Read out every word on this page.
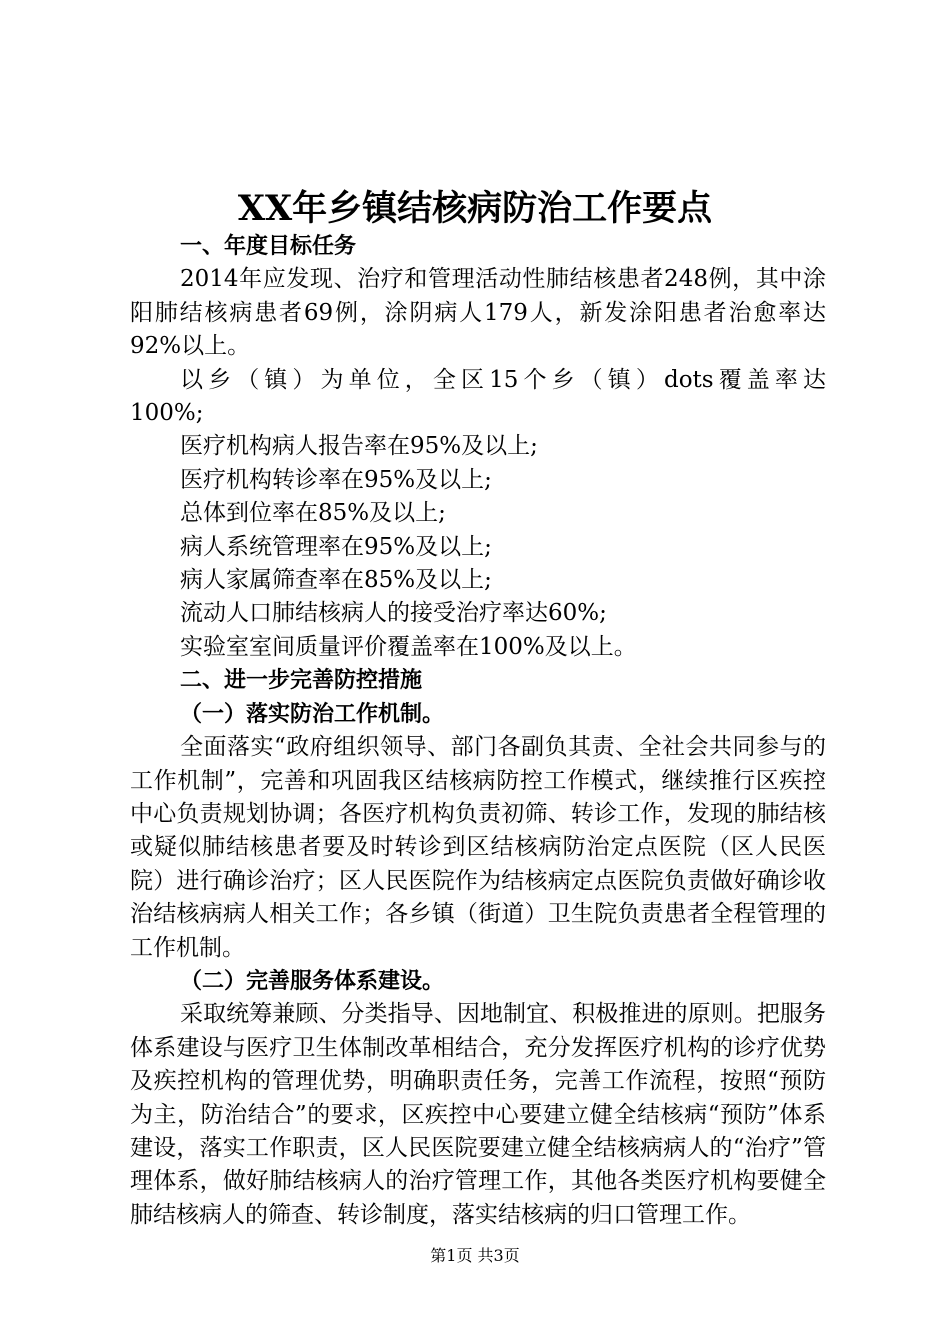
XX年乡镇结核病防治工作要点

一、年度目标任务

2014年应发现、治疗和管理活动性肺结核患者248例，其中涂阳肺结核病患者69例，涂阴病人179人，新发涂阳患者治愈率达92%以上。

以乡（镇）为单位，全区15个乡（镇）dots覆盖率达

100%;

医疗机构病人报告率在95%及以上;

医疗机构转诊率在95%及以上;

总体到位率在85%及以上;

病人系统管理率在95%及以上;

病人家属筛查率在85%及以上;

流动人口肺结核病人的接受治疗率达60%;

实验室室间质量评价覆盖率在100%及以上。

二、进一步完善防控措施

（一）落实防治工作机制。

全面落实“政府组织领导、部门各副负其责、全社会共同参与的工作机制”，完善和巩固我区结核病防控工作模式，继续推行区疾控中心负责规划协调；各医疗机构负责初筛、转诊工作，发现的肺结核或疑似肺结核患者要及时转诊到区结核病防治定点医院（区人民医院）进行确诊治疗；区人民医院作为结核病定点医院负责做好确诊收治结核病病人相关工作；各乡镇（街道）卫生院负责患者全程管理的工作机制。

（二）完善服务体系建设。

采取统筹兼顾、分类指导、因地制宜、积极推进的原则。把服务体系建设与医疗卫生体制改革相结合，充分发挥医疗机构的诊疗优势及疾控机构的管理优势，明确职责任务，完善工作流程，按照“预防为主，防治结合”的要求，区疾控中心要建立健全结核病“预防”体系建设，落实工作职责，区人民医院要建立健全结核病病人的“治疗”管理体系，做好肺结核病人的治疗管理工作，其他各类医疗机构要健全肺结核病人的筛查、转诊制度，落实结核病的归口管理工作。

第1页 共3页
